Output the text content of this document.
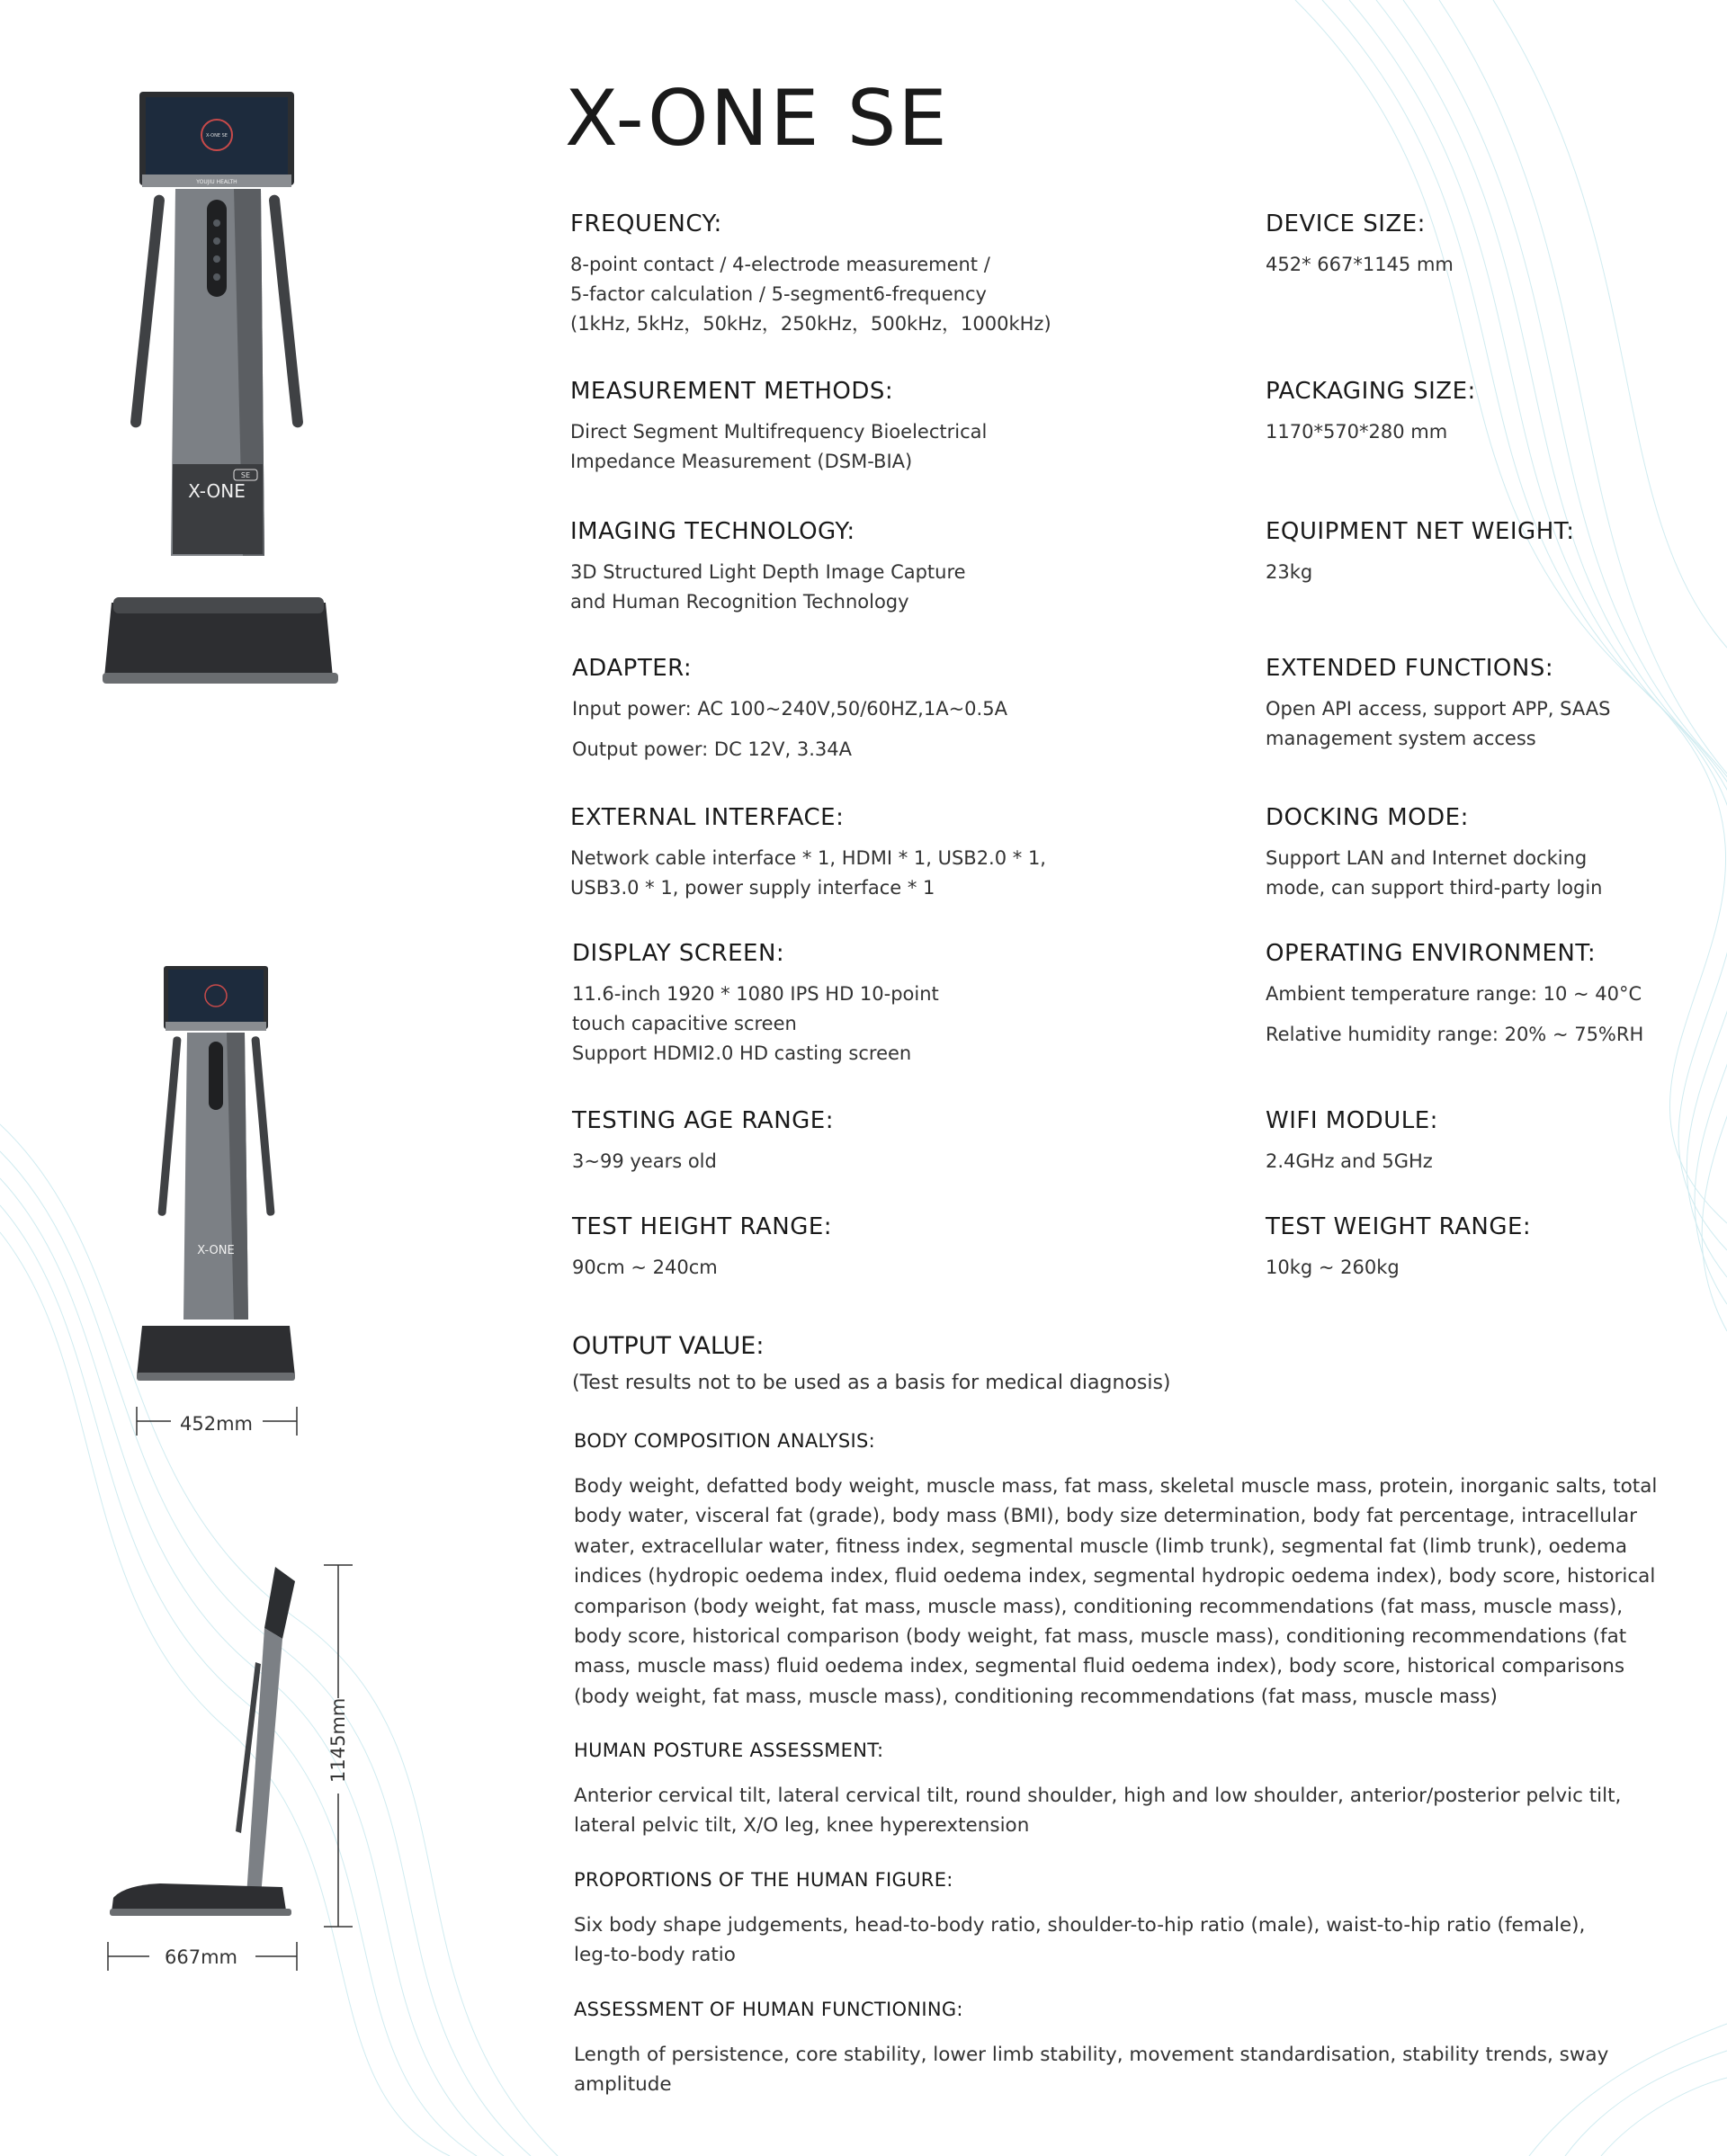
X-ONE SE
YOUJIU HEALTH
X-ONE
SE
X-ONE
452mm
1145mm
667mm
X-ONE SE
FREQUENCY:
8-point contact / 4-electrode measurement /
5-factor calculation / 5-segment6-frequency
(1kHz, 5kHz，50kHz，250kHz，500kHz，1000kHz)
MEASUREMENT METHODS:
Direct Segment Multifrequency Bioelectrical
Impedance Measurement (DSM-BIA)
IMAGING TECHNOLOGY:
3D Structured Light Depth Image Capture
and Human Recognition Technology
ADAPTER:
Input power: AC 100~240V,50/60HZ,1A~0.5A
Output power: DC 12V, 3.34A
EXTERNAL INTERFACE:
Network cable interface * 1, HDMI * 1, USB2.0 * 1,
USB3.0 * 1, power supply interface * 1
DISPLAY SCREEN:
11.6-inch 1920 * 1080 IPS HD 10-point
touch capacitive screen
Support HDMI2.0 HD casting screen
TESTING AGE RANGE:
3~99 years old
TEST HEIGHT RANGE:
90cm ~ 240cm
DEVICE SIZE:
452* 667*1145 mm
PACKAGING SIZE:
1170*570*280 mm
EQUIPMENT NET WEIGHT:
23kg
EXTENDED FUNCTIONS:
Open API access, support APP, SAAS
management system access
DOCKING MODE:
Support LAN and Internet docking
mode, can support third-party login
OPERATING ENVIRONMENT:
Ambient temperature range: 10 ~ 40°C
Relative humidity range: 20% ~ 75%RH
WIFI MODULE:
2.4GHz and 5GHz
TEST WEIGHT RANGE:
10kg ~ 260kg
OUTPUT VALUE:
(Test results not to be used as a basis for medical diagnosis)
BODY COMPOSITION ANALYSIS:
Body weight, defatted body weight, muscle mass, fat mass, skeletal muscle mass, protein, inorganic salts, total
body water, visceral fat (grade), body mass (BMI), body size determination, body fat percentage, intracellular
water, extracellular water, fitness index, segmental muscle (limb trunk), segmental fat (limb trunk), oedema
indices (hydropic oedema index, fluid oedema index, segmental hydropic oedema index), body score, historical
comparison (body weight, fat mass, muscle mass), conditioning recommendations (fat mass, muscle mass),
body score, historical comparison (body weight, fat mass, muscle mass), conditioning recommendations (fat
mass, muscle mass) fluid oedema index, segmental fluid oedema index), body score, historical comparisons
(body weight, fat mass, muscle mass), conditioning recommendations (fat mass, muscle mass)
HUMAN POSTURE ASSESSMENT:
Anterior cervical tilt, lateral cervical tilt, round shoulder, high and low shoulder, anterior/posterior pelvic tilt,
lateral pelvic tilt, X/O leg, knee hyperextension
PROPORTIONS OF THE HUMAN FIGURE:
Six body shape judgements, head-to-body ratio, shoulder-to-hip ratio (male), waist-to-hip ratio (female),
leg-to-body ratio
ASSESSMENT OF HUMAN FUNCTIONING:
Length of persistence, core stability, lower limb stability, movement standardisation, stability trends, sway
amplitude
